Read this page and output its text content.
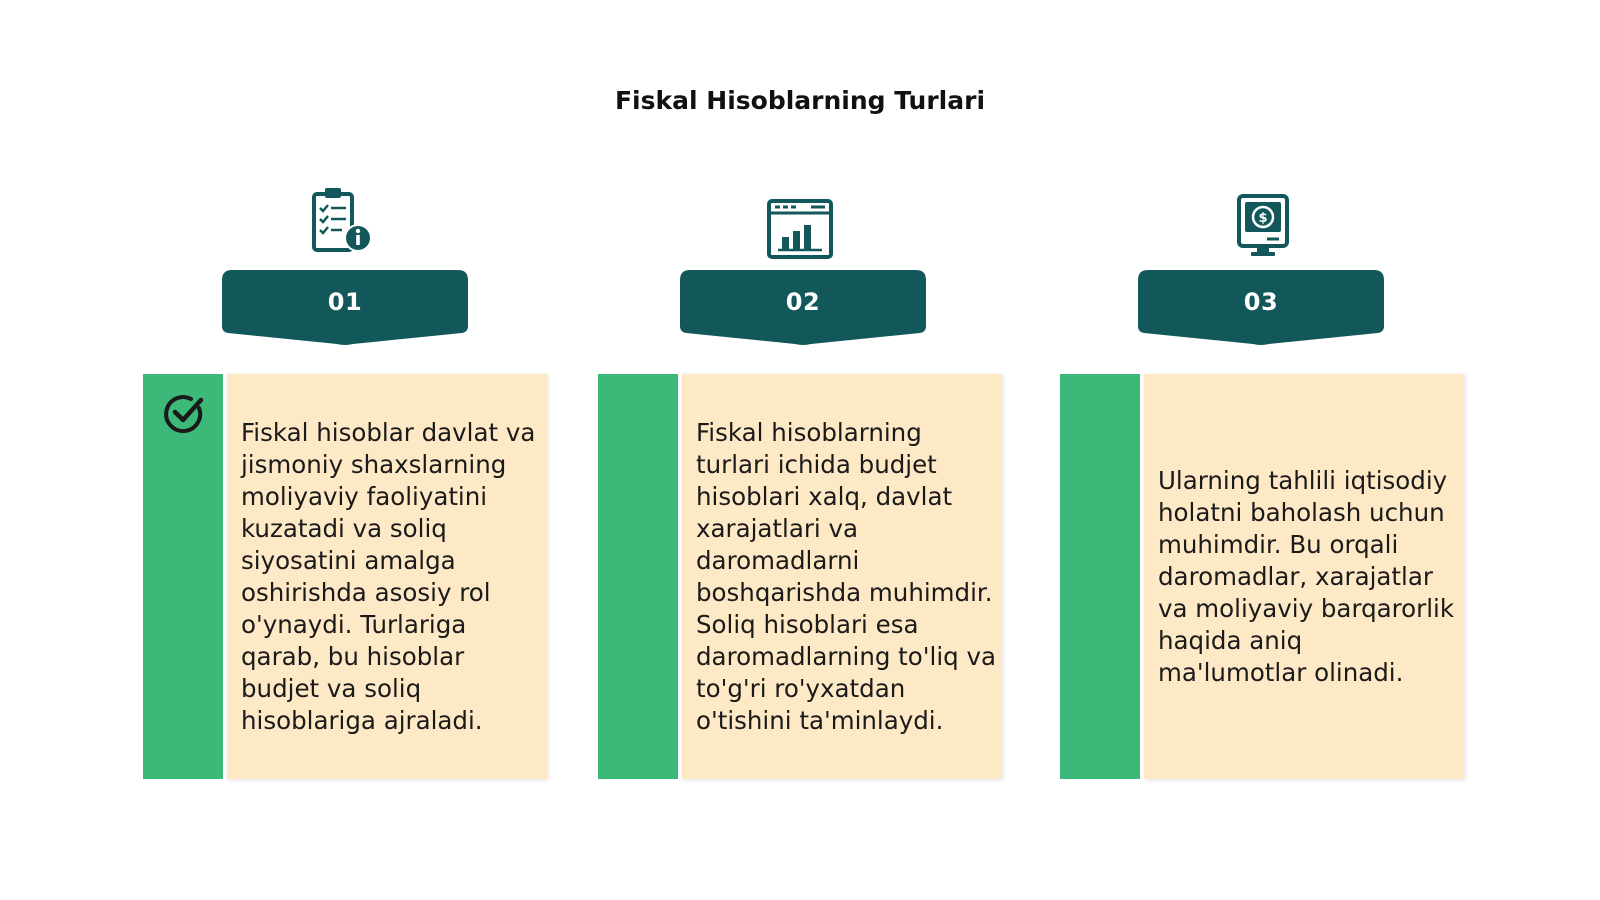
Fiskal Hisoblarning Turlari
$
01	02	03
Fiskal hisoblar davlat va jismoniy shaxslarning moliyaviy faoliyatini kuzatadi va soliq siyosatini amalga oshirishda asosiy rol o'ynaydi. Turlariga qarab, bu hisoblar budjet va soliq hisoblariga ajraladi.
Fiskal hisoblarning turlari ichida budjet hisoblari xalq, davlat xarajatlari va daromadlarni boshqarishda muhimdir. Soliq hisoblari esa daromadlarning to'liq va to'g'ri ro'yxatdan o'tishini ta'minlaydi.
Ularning tahlili iqtisodiy holatni baholash uchun muhimdir. Bu orqali daromadlar, xarajatlar va moliyaviy barqarorlik haqida aniq ma'lumotlar olinadi.
